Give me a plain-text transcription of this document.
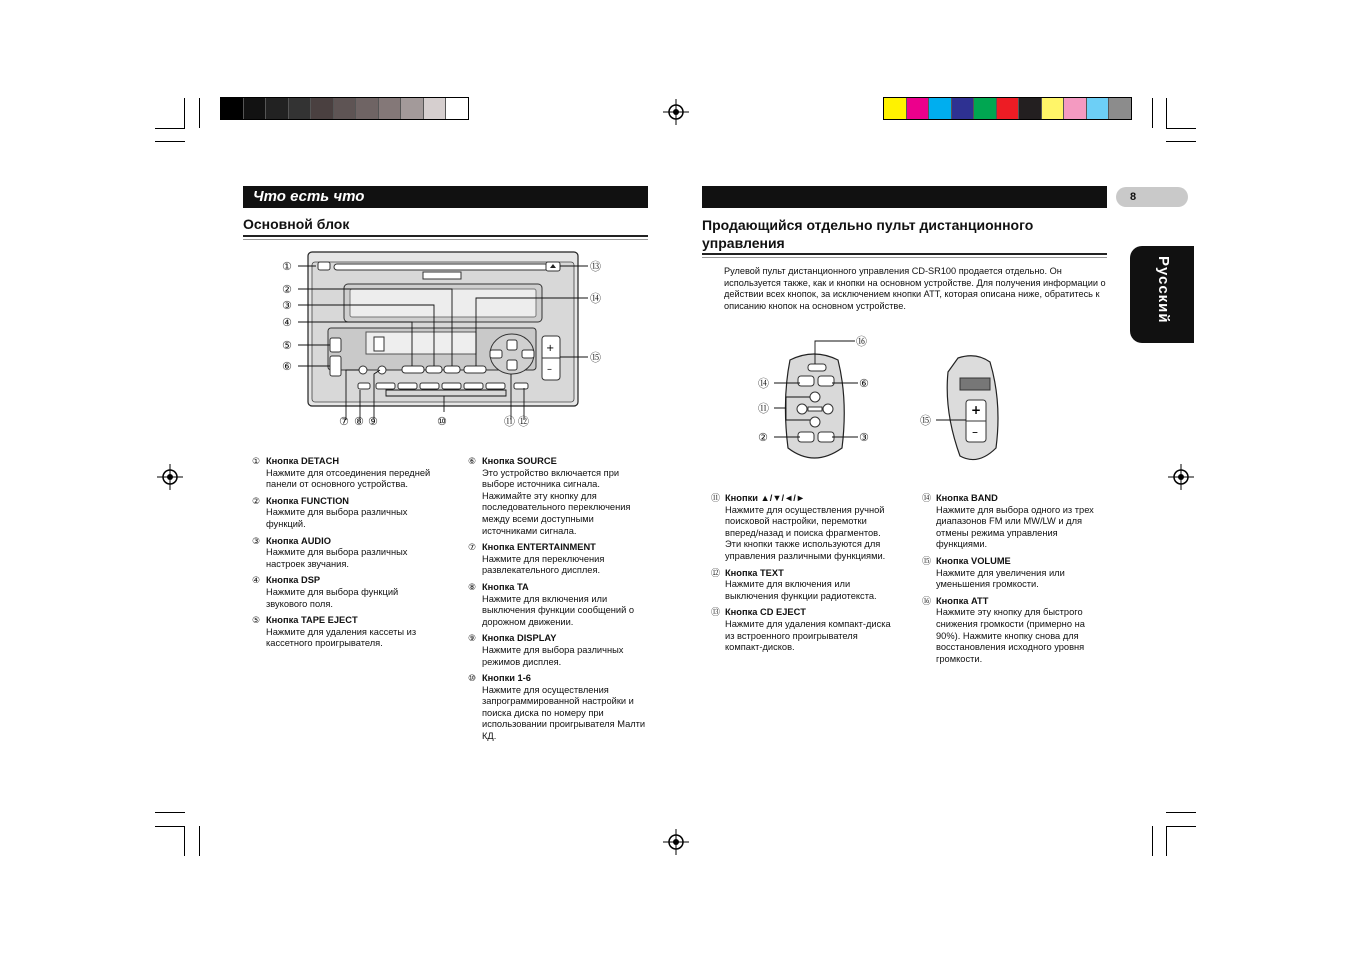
Что есть что
Основной блок
+
–
①
②
③
④
⑤
⑥
⑦ ⑧ ⑨	⑩	⑪ ⑫
⑬
⑭
⑮
① Кнопка DETACH
Нажмите для отсоединения передней панели от основного устройства.
② Кнопка FUNCTION
Нажмите для выбора различных функций.
③ Кнопка AUDIO
Нажмите для выбора различных настроек звучания.
④ Кнопка DSP
Нажмите для выбора функций звукового поля.
⑤ Кнопка TAPE EJECT
Нажмите для удаления кассеты из кассетного проигрывателя.
⑥ Кнопка SOURCE
Это устройство включается при выборе источника сигнала. Нажимайте эту кнопку для последовательного переключения между всеми доступными источниками сигнала.
⑦ Кнопка ENTERTAINMENT
Нажмите для переключения развлекательного дисплея.
⑧ Кнопка TA
Нажмите для включения или выключения функции сообщений о дорожном движении.
⑨ Кнопка DISPLAY
Нажмите для выбора различных режимов дисплея.
⑩ Кнопки 1-6
Нажмите для осуществления запрограммированной настройки и поиска диска по номеру при использовании проигрывателя Малти КД.
8
Русский
Продающийся отдельно пульт дистанционного управления
Рулевой пульт дистанционного управления CD-SR100 продается отдельно. Он используется также, как и кнопки на основном устройстве. Для получения информации о действии всех кнопок, за исключением кнопки ATT, которая описана ниже, обратитесь к описанию кнопок на основном устройстве.
⑯
⑭	⑥
⑪
②	③
+
–
⑮
⑪ Кнопки ▲/▼/◄/►
Нажмите для осуществления ручной поисковой настройки, перемотки вперед/назад и поиска фрагментов. Эти кнопки также используются для управления различными функциями.
⑫ Кнопка TEXT
Нажмите для включения или выключения функции радиотекста.
⑬ Кнопка CD EJECT
Нажмите для удаления компакт-диска из встроенного проигрывателя компакт-дисков.
⑭ Кнопка BAND
Нажмите для выбора одного из трех диапазонов FM или MW/LW и для отмены режима управления функциями.
⑮ Кнопка VOLUME
Нажмите для увеличения или уменьшения громкости.
⑯ Кнопка ATT
Нажмите эту кнопку для быстрого снижения громкости (примерно на 90%). Нажмите кнопку снова для восстановления исходного уровня громкости.
